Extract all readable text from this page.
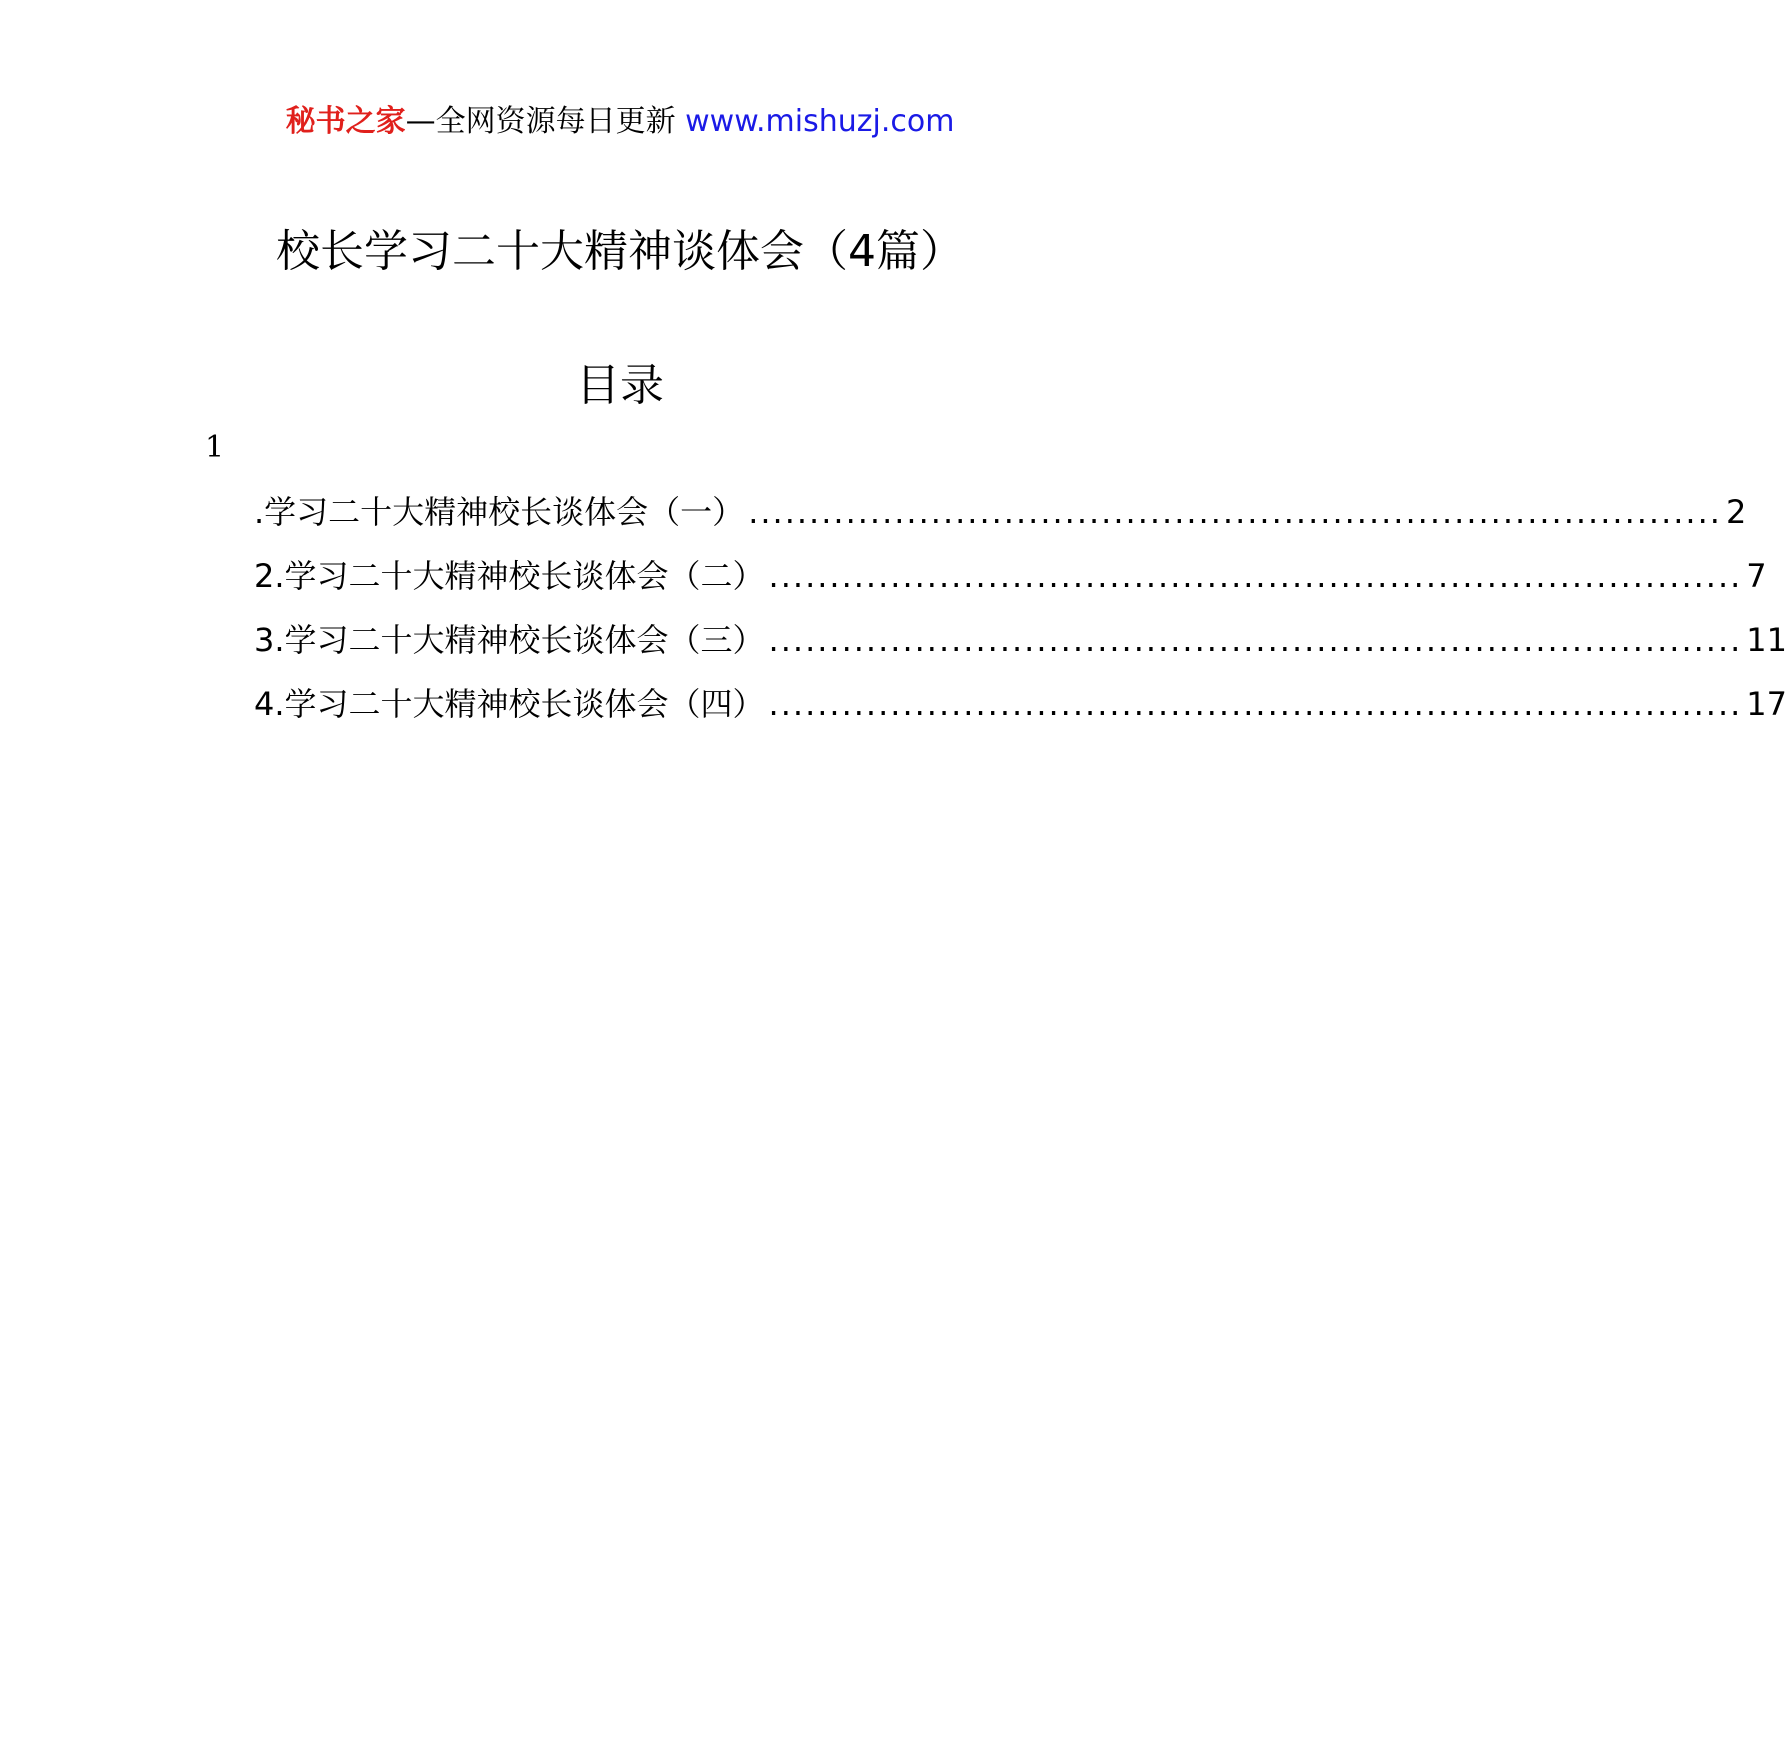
秘书之家—全网资源每日更新 www.mishuzj.com
校长学习二十大精神谈体会（4篇）
目录
1
.学习二十大精神校长谈体会（一） ................................................................................ 2
2.学习二十大精神校长谈体会（二） ................................................................................ 7
3.学习二十大精神校长谈体会（三） ................................................................................ 11
4.学习二十大精神校长谈体会（四） ................................................................................ 17
